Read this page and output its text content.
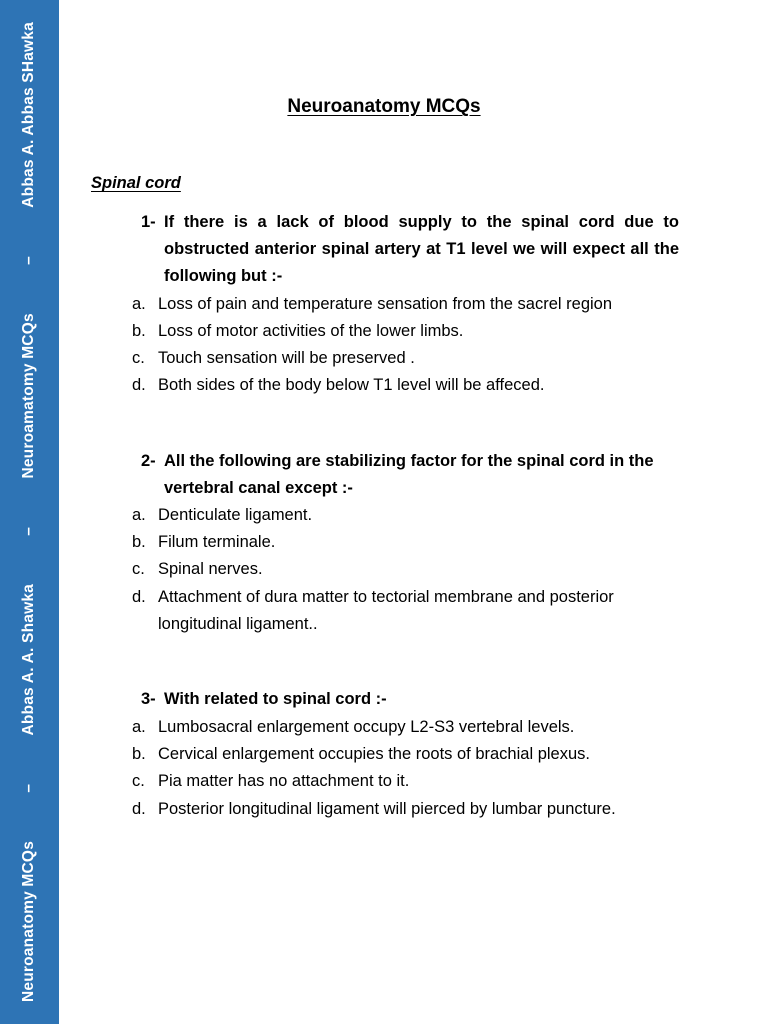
Neuroanatomy MCQs
–
Abbas A. A. Shawka
–
Neuroamatomy MCQs
–
Abbas A. Abbas SHawka	Neuroanatomy MCQs
Spinal cord
1- If there is a lack of blood supply to the spinal cord due to obstructed anterior spinal artery at T1 level we will expect all the following but :-
a. Loss of pain and temperature sensation from the sacrel region
b. Loss of motor activities of the lower limbs.
c. Touch sensation will be preserved .
d. Both sides of the body below T1 level will be affeced.
2- All the following are stabilizing factor for the spinal cord in the vertebral canal except :-
a. Denticulate ligament.
b. Filum terminale.
c. Spinal nerves.
d. Attachment of dura matter to tectorial membrane and posterior longitudinal ligament..
3- With related to spinal cord :-
a. Lumbosacral enlargement occupy L2-S3 vertebral levels.
b. Cervical enlargement occupies the roots of brachial plexus.
c. Pia matter has no attachment to it.
d. Posterior longitudinal ligament will pierced by lumbar puncture.
